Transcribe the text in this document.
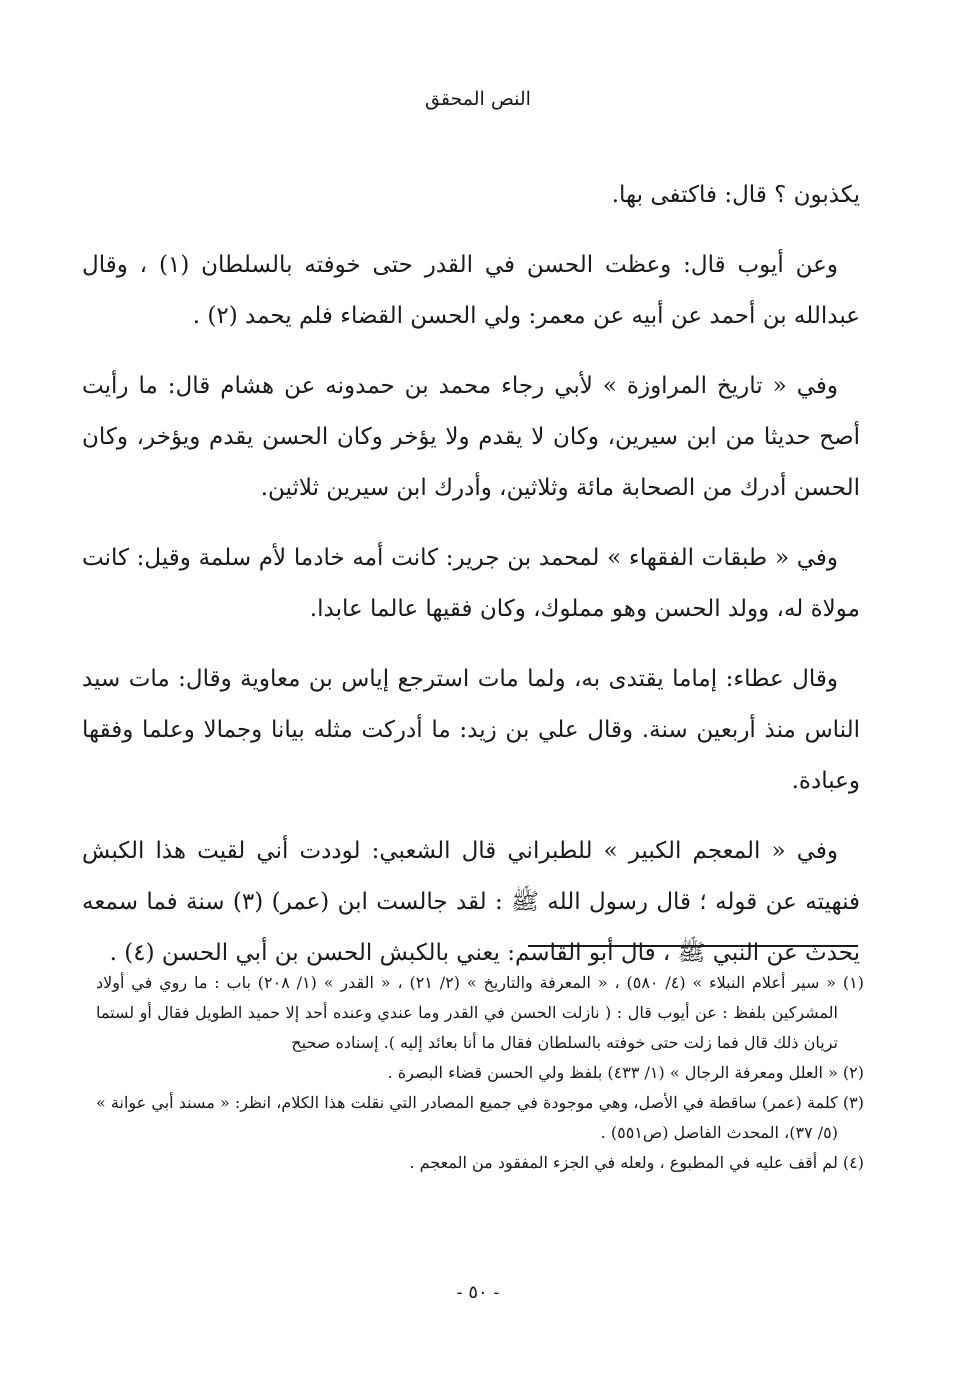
النص المحقق

يكذبون ؟ قال: فاكتفى بها.

وعن أيوب قال: وعظت الحسن في القدر حتى خوفته بالسلطان (١) ، وقال عبدالله بن أحمد عن أبيه عن معمر: ولي الحسن القضاء فلم يحمد (٢) .

وفي « تاريخ المراوزة » لأبي رجاء محمد بن حمدونه عن هشام قال: ما رأيت أصح حديثا من ابن سيرين، وكان لا يقدم ولا يؤخر وكان الحسن يقدم ويؤخر، وكان الحسن أدرك من الصحابة مائة وثلاثين، وأدرك ابن سيرين ثلاثين.

وفي « طبقات الفقهاء » لمحمد بن جرير: كانت أمه خادما لأم سلمة وقيل: كانت مولاة له، وولد الحسن وهو مملوك، وكان فقيها عالما عابدا.

وقال عطاء: إماما يقتدى به، ولما مات استرجع إياس بن معاوية وقال: مات سيد الناس منذ أربعين سنة. وقال علي بن زيد: ما أدركت مثله بيانا وجمالا وعلما وفقها وعبادة.

وفي « المعجم الكبير » للطبراني قال الشعبي: لوددت أني لقيت هذا الكبش فنهيته عن قوله ؛ قال رسول الله ﷺ : لقد جالست ابن (عمر) (٣) سنة فما سمعه يحدث عن النبي ﷺ ، قال أبو القاسم: يعني بالكبش الحسن بن أبي الحسن (٤) .

(١) « سير أعلام النبلاء » (٤/ ٥٨٠) ، « المعرفة والتاريخ » (٢/ ٢١) ، « القدر » (١/ ٢٠٨) باب : ما روي في أولاد المشركين بلفظ : عن أيوب قال : ( نازلت الحسن في القدر وما عندي وعنده أحد إلا حميد الطويل فقال أو لستما تريان ذلك قال فما زلت حتى خوفته بالسلطان فقال ما أنا بعائد إليه ). إسناده صحيح

(٢) « العلل ومعرفة الرجال » (١/ ٤٣٣) بلفظ ولي الحسن قضاء البصرة .

(٣) كلمة (عمر) ساقطة في الأصل، وهي موجودة في جميع المصادر التي نقلت هذا الكلام، انظر: « مسند أبي عوانة » (٥/ ٣٧)، المحدث الفاصل (ص٥٥١) .

(٤) لم أقف عليه في المطبوع ، ولعله في الجزء المفقود من المعجم .

- ٥٠ -
